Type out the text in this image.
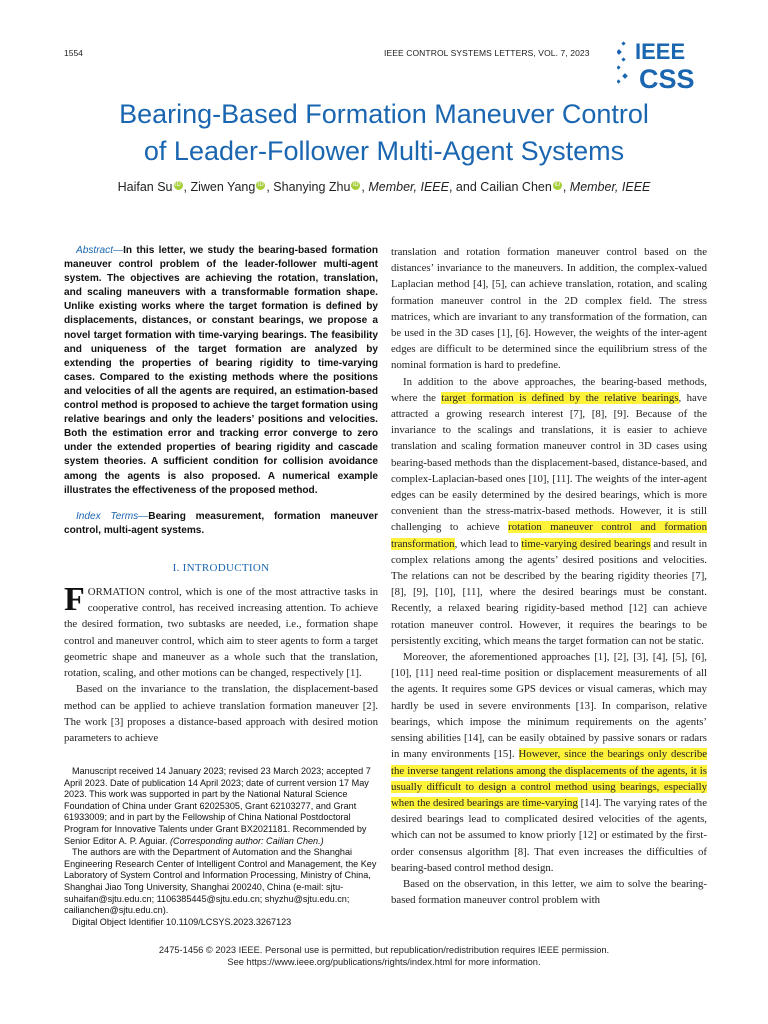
1554	IEEE CONTROL SYSTEMS LETTERS, VOL. 7, 2023 IEEE
CSS
Bearing-Based Formation Maneuver Control
of Leader-Follower Multi-Agent Systems
Haifan Su iD , Ziwen Yang iD , Shanying Zhu iD , Member, IEEE, and Cailian Chen iD , Member, IEEE
Abstract—In this letter, we study the bearing-based formation maneuver control problem of the leader-follower multi-agent system. The objectives are achieving the rotation, translation, and scaling maneuvers with a transformable formation shape. Unlike existing works where the target formation is defined by displacements, distances, or constant bearings, we propose a novel target formation with time-varying bearings. The feasibility and uniqueness of the target formation are analyzed by extending the properties of bearing rigidity to time-varying cases. Compared to the existing methods where the positions and velocities of all the agents are required, an estimation-based control method is proposed to achieve the target formation using relative bearings and only the leaders’ positions and velocities. Both the estimation error and tracking error converge to zero under the extended properties of bearing rigidity and cascade system theories. A sufficient condition for collision avoidance among the agents is also proposed. A numerical example illustrates the effectiveness of the proposed method.
Index Terms—Bearing measurement, formation maneuver control, multi-agent systems.
I. INTRODUCTION

FORMATION control, which is one of the most attractive tasks in cooperative control, has received increasing attention. To achieve the desired formation, two subtasks are needed, i.e., formation shape control and maneuver control, which aim to steer agents to form a target geometric shape and maneuver as a whole such that the translation, rotation, scaling, and other motions can be changed, respectively [1].

Based on the invariance to the translation, the displacement-based method can be applied to achieve translation formation maneuver [2]. The work [3] proposes a distance-based approach with desired motion parameters to achieve

Manuscript received 14 January 2023; revised 23 March 2023; accepted 7 April 2023. Date of publication 14 April 2023; date of current version 17 May 2023. This work was supported in part by the National Natural Science Foundation of China under Grant 62025305, Grant 62103277, and Grant 61933009; and in part by the Fellowship of China National Postdoctoral Program for Innovative Talents under Grant BX2021181. Recommended by Senior Editor A. P. Aguiar. (Corresponding author: Cailian Chen.)

The authors are with the Department of Automation and the Shanghai Engineering Research Center of Intelligent Control and Management, the Key Laboratory of System Control and Information Processing, Ministry of China, Shanghai Jiao Tong University, Shanghai 200240, China (e-mail: sjtu-suhaifan@sjtu.edu.cn; 1106385445@sjtu.edu.cn; shyzhu@sjtu.edu.cn; cailianchen@sjtu.edu.cn).

Digital Object Identifier 10.1109/LCSYS.2023.3267123

translation and rotation formation maneuver control based on the distances’ invariance to the maneuvers. In addition, the complex-valued Laplacian method [4], [5], can achieve translation, rotation, and scaling formation maneuver control in the 2D complex field. The stress matrices, which are invariant to any transformation of the formation, can be used in the 3D cases [1], [6]. However, the weights of the inter-agent edges are difficult to be determined since the equilibrium stress of the nominal formation is hard to predefine.

In addition to the above approaches, the bearing-based methods, where the target formation is defined by the relative bearings, have attracted a growing research interest [7], [8], [9]. Because of the invariance to the scalings and translations, it is easier to achieve translation and scaling formation maneuver control in 3D cases using bearing-based methods than the displacement-based, distance-based, and complex-Laplacian-based ones [10], [11]. The weights of the inter-agent edges can be easily determined by the desired bearings, which is more convenient than the stress-matrix-based methods. However, it is still challenging to achieve rotation maneuver control and formation transformation, which lead to time-varying desired bearings and result in complex relations among the agents’ desired positions and velocities. The relations can not be described by the bearing rigidity theories [7], [8], [9], [10], [11], where the desired bearings must be constant. Recently, a relaxed bearing rigidity-based method [12] can achieve rotation maneuver control. However, it requires the bearings to be persistently exciting, which means the target formation can not be static.

Moreover, the aforementioned approaches [1], [2], [3], [4], [5], [6], [10], [11] need real-time position or displacement measurements of all the agents. It requires some GPS devices or visual cameras, which may hardly be used in severe environments [13]. In comparison, relative bearings, which impose the minimum requirements on the agents’ sensing abilities [14], can be easily obtained by passive sonars or radars in many environments [15]. However, since the bearings only describe the inverse tangent relations among the displacements of the agents, it is usually difficult to design a control method using bearings, especially when the desired bearings are time-varying [14]. The varying rates of the desired bearings lead to complicated desired velocities of the agents, which can not be assumed to know priorly [12] or estimated by the first-order consensus algorithm [8]. That even increases the difficulties of bearing-based control method design.

Based on the observation, in this letter, we aim to solve the bearing-based formation maneuver control problem with

2475-1456 © 2023 IEEE. Personal use is permitted, but republication/redistribution requires IEEE permission.
See https://www.ieee.org/publications/rights/index.html for more information.
